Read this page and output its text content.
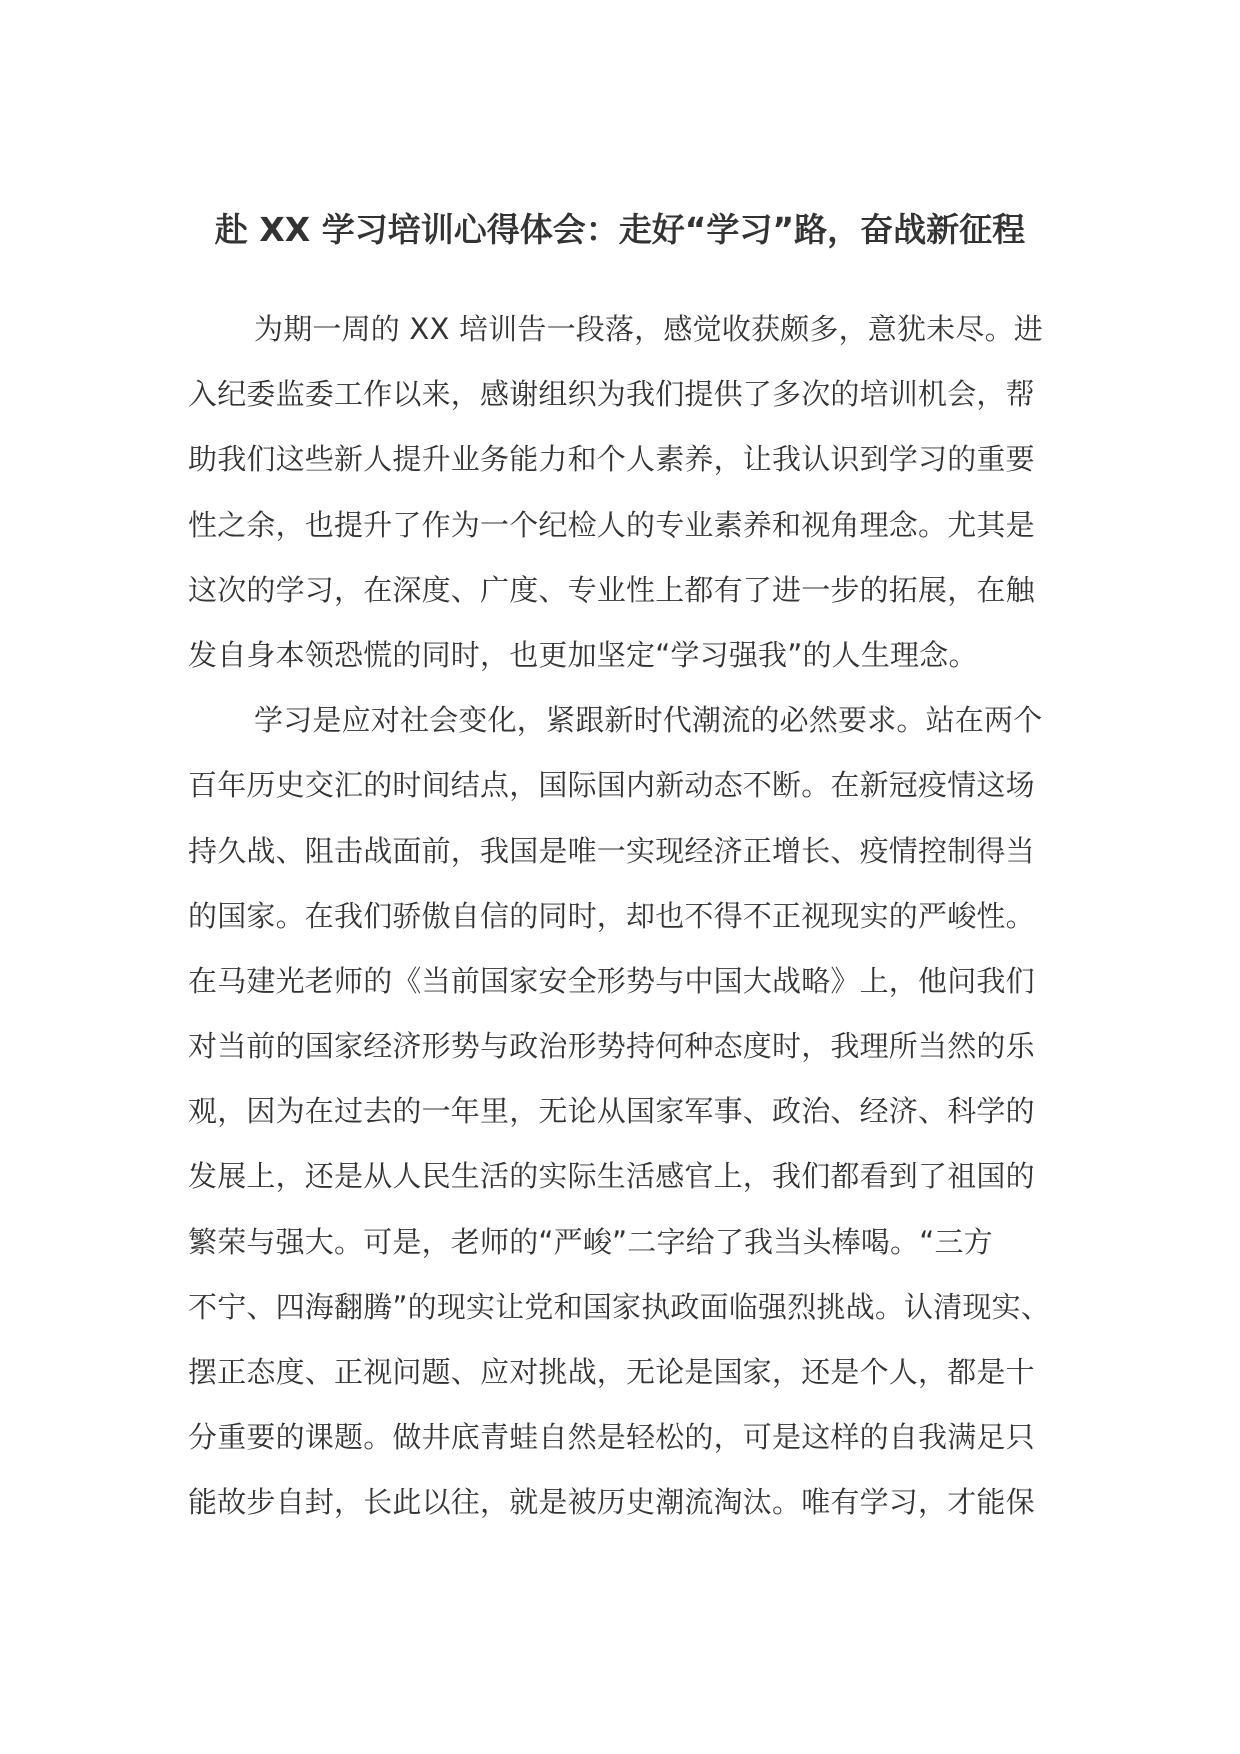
赴 XX 学习培训心得体会：走好“学习”路，奋战新征程
为期一周的 XX 培训告一段落，感觉收获颇多，意犹未尽。进
入纪委监委工作以来，感谢组织为我们提供了多次的培训机会，帮
助我们这些新人提升业务能力和个人素养，让我认识到学习的重要
性之余，也提升了作为一个纪检人的专业素养和视角理念。尤其是
这次的学习，在深度、广度、专业性上都有了进一步的拓展，在触
发自身本领恐慌的同时，也更加坚定“学习强我”的人生理念。
学习是应对社会变化，紧跟新时代潮流的必然要求。站在两个
百年历史交汇的时间结点，国际国内新动态不断。在新冠疫情这场
持久战、阻击战面前，我国是唯一实现经济正增长、疫情控制得当
的国家。在我们骄傲自信的同时，却也不得不正视现实的严峻性。
在马建光老师的《当前国家安全形势与中国大战略》上，他问我们
对当前的国家经济形势与政治形势持何种态度时，我理所当然的乐
观，因为在过去的一年里，无论从国家军事、政治、经济、科学的
发展上，还是从人民生活的实际生活感官上，我们都看到了祖国的
繁荣与强大。可是，老师的“严峻”二字给了我当头棒喝。“三方
不宁、四海翻腾”的现实让党和国家执政面临强烈挑战。认清现实、
摆正态度、正视问题、应对挑战，无论是国家，还是个人，都是十
分重要的课题。做井底青蛙自然是轻松的，可是这样的自我满足只
能故步自封，长此以往，就是被历史潮流淘汰。唯有学习，才能保
